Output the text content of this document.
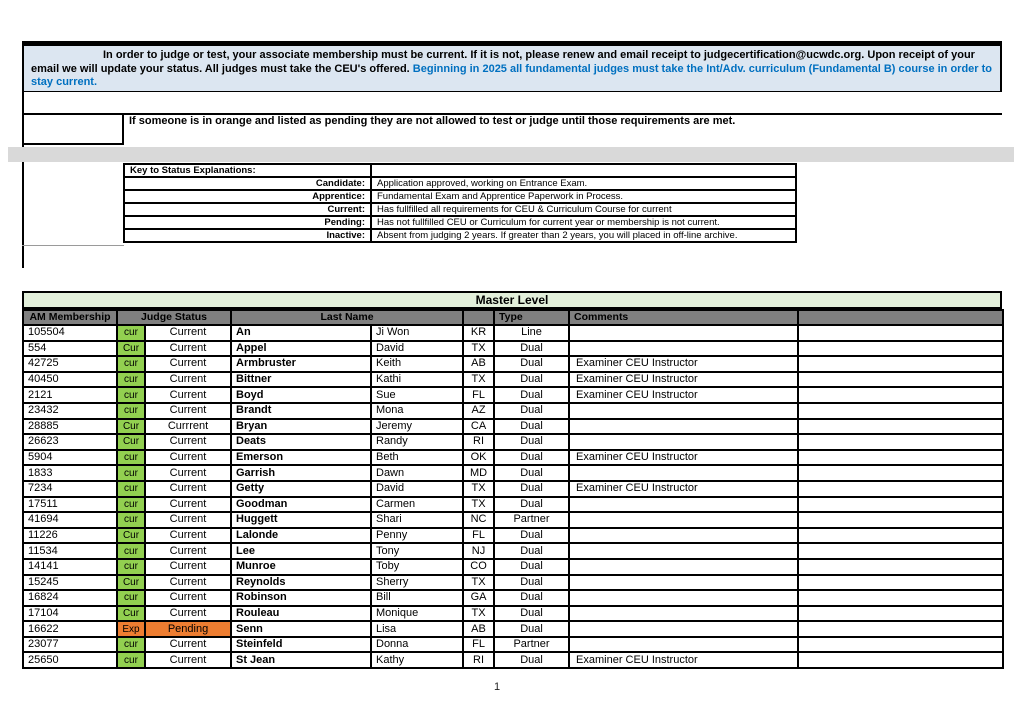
In order to judge or test, your associate membership must be current. If it is not, please renew and email receipt to judgecertification@ucwdc.org. Upon receipt of your email we will update your status. All judges must take the CEU's offered. Beginning in 2025 all fundamental judges must take the Int/Adv. curriculum (Fundamental B) course in order to stay current.

If someone is in orange and listed as pending they are not allowed to test or judge until those requirements are met.
Key to Status Explanations:	
Candidate:	Application approved, working on Entrance Exam.
Apprentice:	Fundamental Exam and Apprentice Paperwork in Process.
Current:	Has fullfilled all requirements for CEU & Curriculum Course for current
Pending:	Has not fullfilled CEU or Curriculum for current year or membership is not current.
Inactive:	Absent from judging 2 years. If greater than 2 years, you will placed in off-line archive.
Master Level
AM Membership	Judge Status		Last Name			Type	Comments	
105504	cur	Current	An	Ji Won	KR	Line		
554	Cur	Current	Appel	David	TX	Dual		
42725	cur	Current	Armbruster	Keith	AB	Dual	Examiner CEU Instructor	
40450	cur	Current	Bittner	Kathi	TX	Dual	Examiner CEU Instructor	
2121	cur	Current	Boyd	Sue	FL	Dual	Examiner CEU Instructor	
23432	cur	Current	Brandt	Mona	AZ	Dual		
28885	Cur	Currrent	Bryan	Jeremy	CA	Dual		
26623	Cur	Current	Deats	Randy	RI	Dual		
5904	cur	Current	Emerson	Beth	OK	Dual	Examiner CEU Instructor	
1833	cur	Current	Garrish	Dawn	MD	Dual		
7234	cur	Current	Getty	David	TX	Dual	Examiner CEU Instructor	
17511	cur	Current	Goodman	Carmen	TX	Dual		
41694	cur	Current	Huggett	Shari	NC	Partner		
11226	Cur	Current	Lalonde	Penny	FL	Dual		
11534	cur	Current	Lee	Tony	NJ	Dual		
14141	cur	Current	Munroe	Toby	CO	Dual		
15245	Cur	Current	Reynolds	Sherry	TX	Dual		
16824	cur	Current	Robinson	Bill	GA	Dual		
17104	Cur	Current	Rouleau	Monique	TX	Dual		
16622	Exp	Pending	Senn	Lisa	AB	Dual		
23077	cur	Current	Steinfeld	Donna	FL	Partner		
25650	cur	Current	St Jean	Kathy	RI	Dual	Examiner CEU Instructor	
1
